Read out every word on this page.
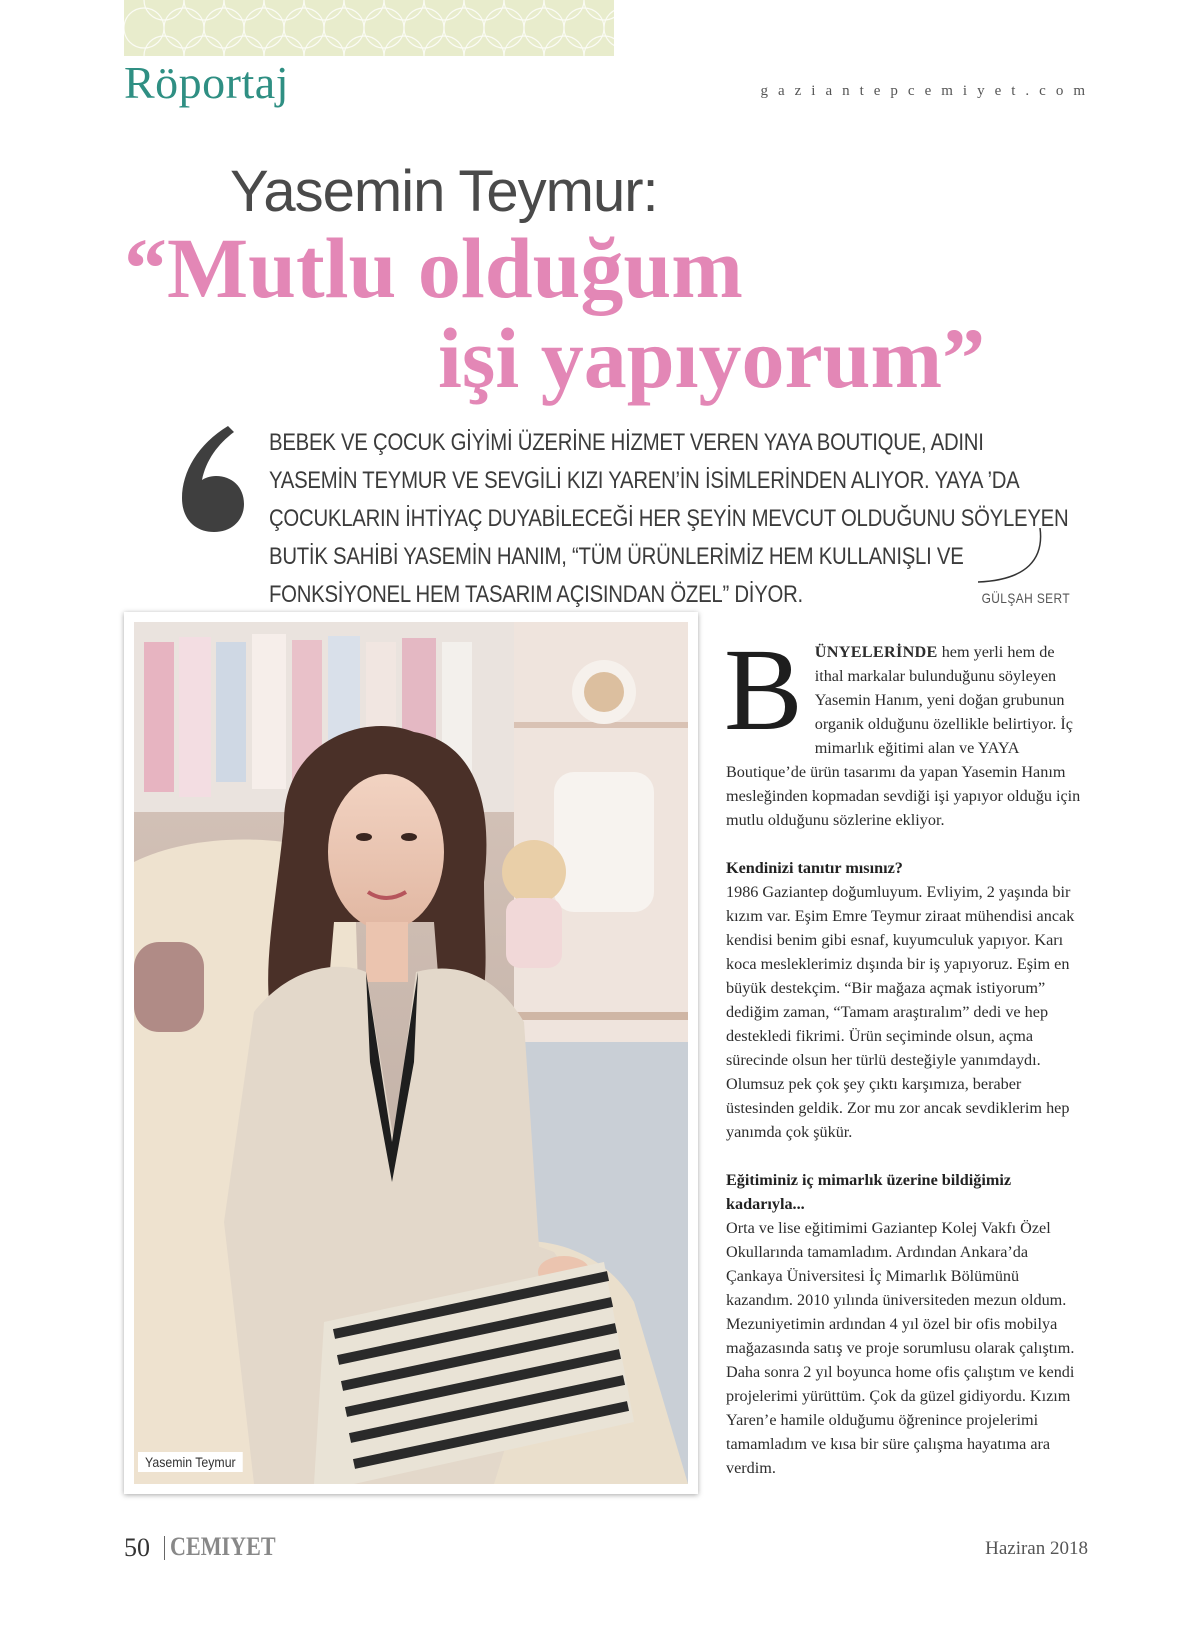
Röportaj	gaziantepcemiyet.com
Yasemin Teymur:
“Mutlu olduğum
işi yapıyorum”
BEBEK VE ÇOCUK GİYİMİ ÜZERİNE HİZMET VEREN YAYA BOUTIQUE, ADINI YASEMİN TEYMUR VE SEVGİLİ KIZI YAREN’İN İSİMLERİNDEN ALIYOR. YAYA ’DA ÇOCUKLARIN İHTİYAÇ DUYABİLECEĞİ HER ŞEYİN MEVCUT OLDUĞUNU SÖYLEYEN BUTİK SAHİBİ YASEMİN HANIM, “TÜM ÜRÜNLERİMİZ HEM KULLANIŞLI VE FONKSİYONEL HEM TASARIM AÇISINDAN ÖZEL” DİYOR.	GÜLŞAH SERT
Yasemin Teymur

BÜNYELERİNDE hem yerli hem de ithal markalar bulunduğunu söyleyen Yasemin Hanım, yeni doğan grubunun organik olduğunu özellikle belirtiyor. İç mimarlık eğitimi alan ve YAYA Boutique’de ürün tasarımı da yapan Yasemin Hanım mesleğinden kopmadan sevdiği işi yapıyor olduğu için mutlu olduğunu sözlerine ekliyor.

Kendinizi tanıtır mısınız?

1986 Gaziantep doğumluyum. Evliyim, 2 yaşında bir kızım var. Eşim Emre Teymur ziraat mühendisi ancak kendisi benim gibi esnaf, kuyumculuk yapıyor. Karı koca mesleklerimiz dışında bir iş yapıyoruz. Eşim en büyük destekçim. “Bir mağaza açmak istiyorum” dediğim zaman, “Tamam araştıralım” dedi ve hep destekledi fikrimi. Ürün seçiminde olsun, açma sürecinde olsun her türlü desteğiyle yanımdaydı. Olumsuz pek çok şey çıktı karşımıza, beraber üstesinden geldik. Zor mu zor ancak sevdiklerim hep yanımda çok şükür.

Eğitiminiz iç mimarlık üzerine bildiğimiz kadarıyla...

Orta ve lise eğitimimi Gaziantep Kolej Vakfı Özel Okullarında tamamladım. Ardından Ankara’da Çankaya Üniversitesi İç Mimarlık Bölümünü kazandım. 2010 yılında üniversiteden mezun oldum. Mezuniyetimin ardından 4 yıl özel bir ofis mobilya mağazasında satış ve proje sorumlusu olarak çalıştım. Daha sonra 2 yıl boyunca home ofis çalıştım ve kendi projelerimi yürüttüm. Çok da güzel gidiyordu. Kızım Yaren’e hamile olduğumu öğrenince projelerimi tamamladım ve kısa bir süre çalışma hayatıma ara verdim.

50 CEMIYET	Haziran 2018
